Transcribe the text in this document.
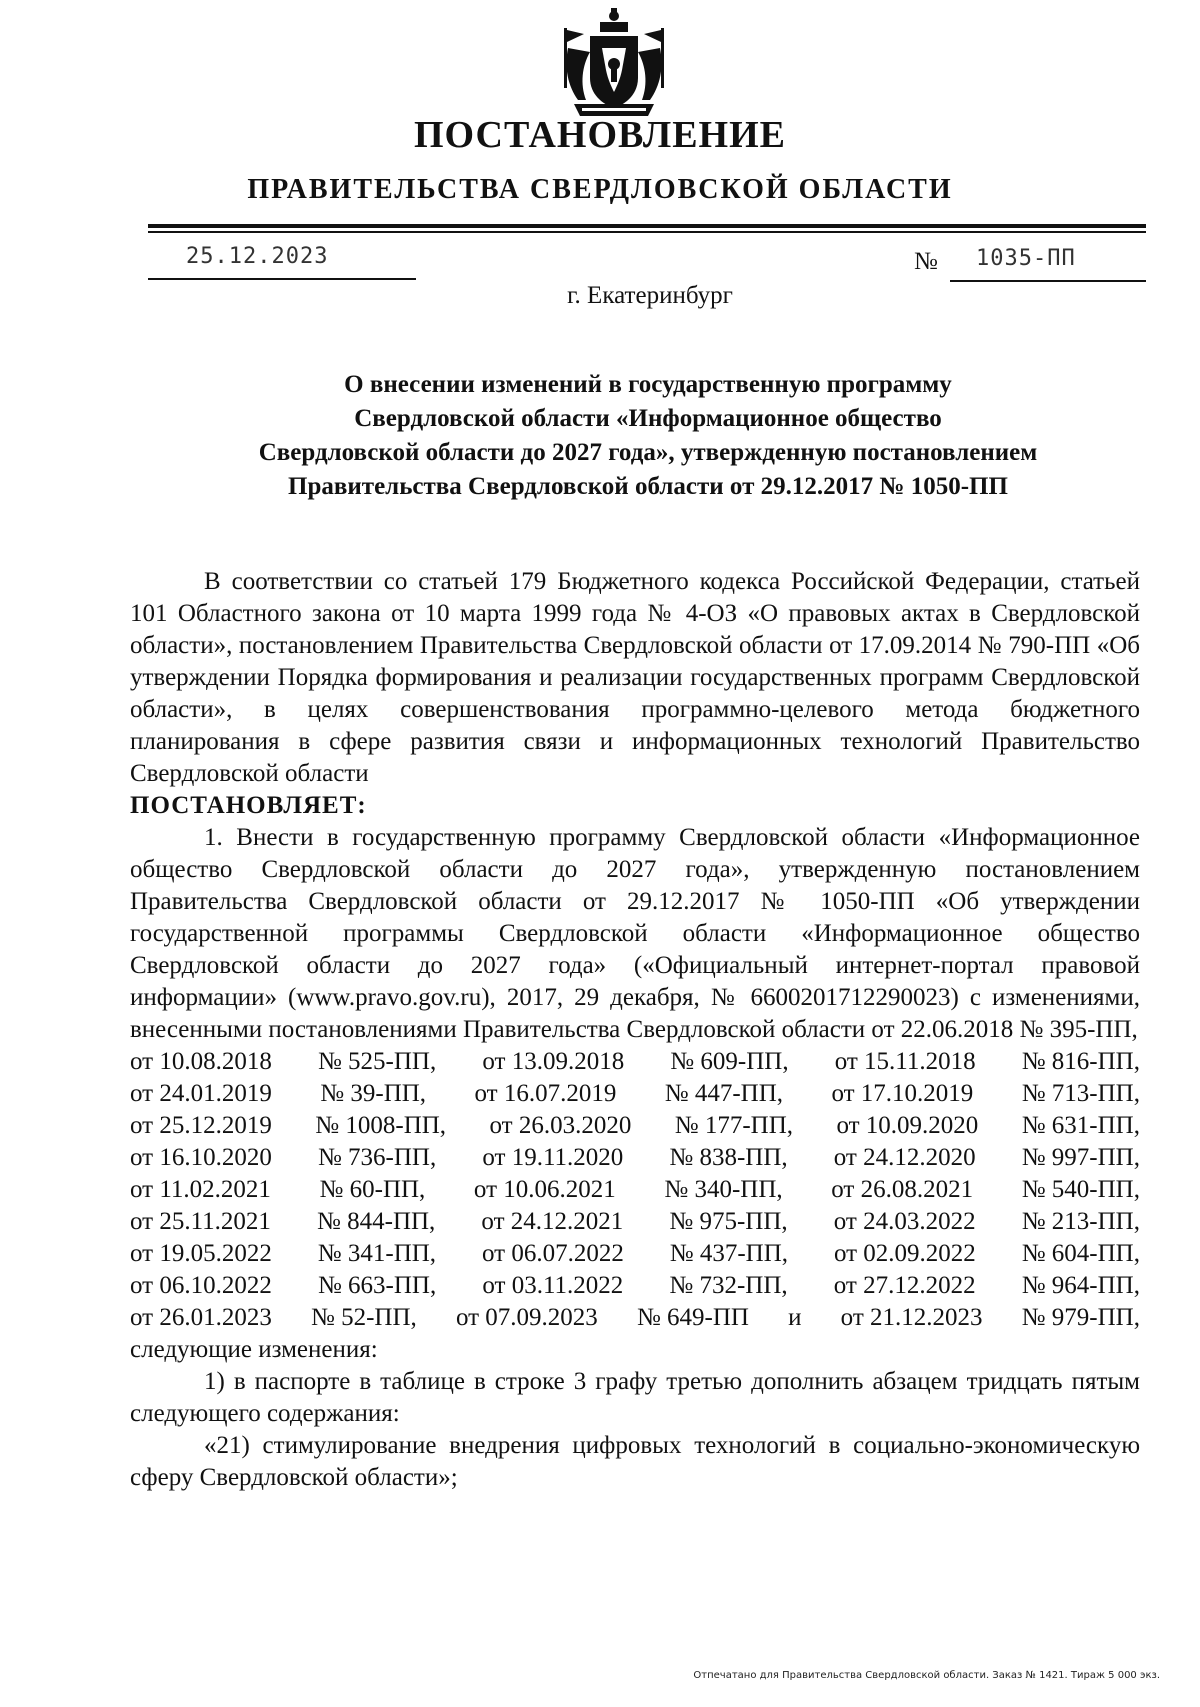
ПОСТАНОВЛЕНИЕ
ПРАВИТЕЛЬСТВА СВЕРДЛОВСКОЙ ОБЛАСТИ
25.12.2023	№ 1035-ПП
г. Екатеринбург
О внесении изменений в государственную программу
Свердловской области «Информационное общество
Свердловской области до 2027 года», утвержденную постановлением
Правительства Свердловской области от 29.12.2017 № 1050-ПП

В соответствии со статьей 179 Бюджетного кодекса Российской Федерации, статьей 101 Областного закона от 10 марта 1999 года № 4-ОЗ «О правовых актах в Свердловской области», постановлением Правительства Свердловской области от 17.09.2014 № 790-ПП «Об утверждении Порядка формирования и реализации государственных программ Свердловской области», в целях совершенствования программно-целевого метода бюджетного планирования в сфере развития связи и информационных технологий Правительство Свердловской области

ПОСТАНОВЛЯЕТ:

1. Внести в государственную программу Свердловской области «Информационное общество Свердловской области до 2027 года», утвержденную постановлением Правительства Свердловской области от 29.12.2017 № 1050-ПП «Об утверждении государственной программы Свердловской области «Информационное общество Свердловской области до 2027 года» («Официальный интернет-портал правовой информации» (www.pravo.gov.ru), 2017, 29 декабря, № 6600201712290023) с изменениями, внесенными постановлениями Правительства Свердловской области от 22.06.2018 № 395-ПП,

от 10.08.2018 № 525-ПП, от 13.09.2018 № 609-ПП, от 15.11.2018 № 816-ПП,
от 24.01.2019 № 39-ПП, от 16.07.2019 № 447-ПП, от 17.10.2019 № 713-ПП,
от 25.12.2019 № 1008-ПП, от 26.03.2020 № 177-ПП, от 10.09.2020 № 631-ПП,
от 16.10.2020 № 736-ПП, от 19.11.2020 № 838-ПП, от 24.12.2020 № 997-ПП,
от 11.02.2021 № 60-ПП, от 10.06.2021 № 340-ПП, от 26.08.2021 № 540-ПП,
от 25.11.2021 № 844-ПП, от 24.12.2021 № 975-ПП, от 24.03.2022 № 213-ПП,
от 19.05.2022 № 341-ПП, от 06.07.2022 № 437-ПП, от 02.09.2022 № 604-ПП,
от 06.10.2022 № 663-ПП, от 03.11.2022 № 732-ПП, от 27.12.2022 № 964-ПП,
от 26.01.2023 № 52-ПП, от 07.09.2023 № 649-ПП и от 21.12.2023 № 979-ПП,

следующие изменения:

1) в паспорте в таблице в строке 3 графу третью дополнить абзацем тридцать пятым следующего содержания:

«21) стимулирование внедрения цифровых технологий в социально-экономическую сферу Свердловской области»;

Отпечатано для Правительства Свердловской области. Заказ № 1421. Тираж 5 000 экз.
